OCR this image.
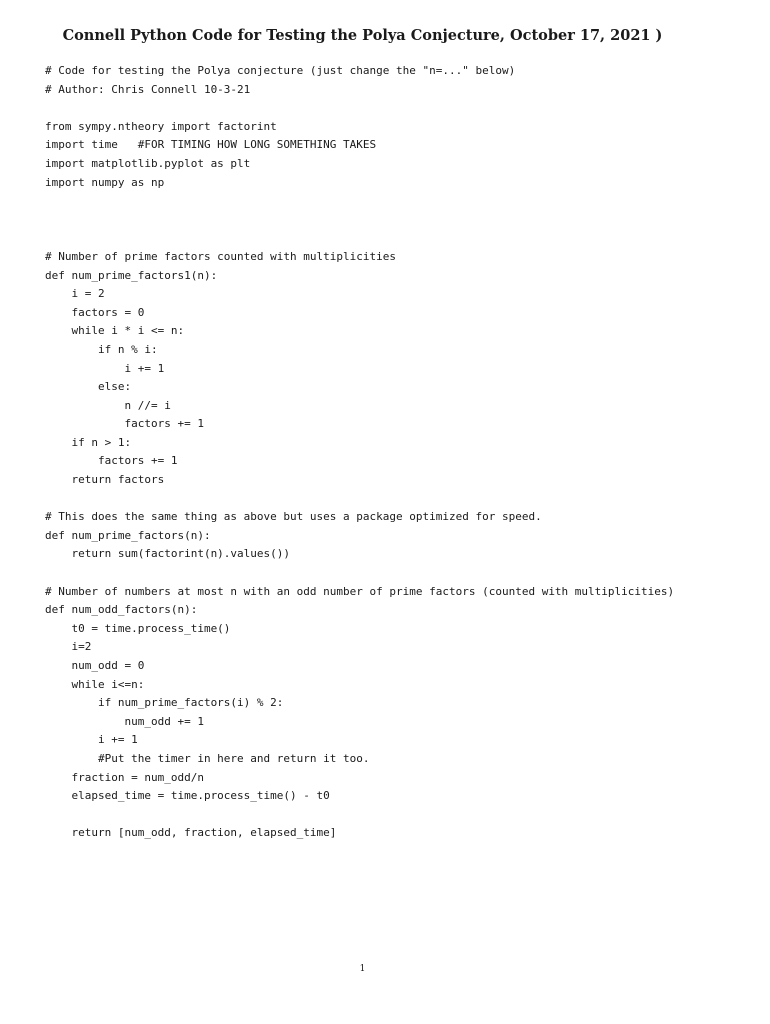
Connell Python Code for Testing the Polya Conjecture, October 17, 2021 )
# Code for testing the Polya conjecture (just change the "n=..." below)
# Author: Chris Connell 10-3-21
from sympy.ntheory import factorint
import time   #FOR TIMING HOW LONG SOMETHING TAKES
import matplotlib.pyplot as plt
import numpy as np
# Number of prime factors counted with multiplicities
def num_prime_factors1(n):
i = 2
factors = 0
while i * i <= n:
if n % i:
i += 1
else:
n //= i
factors += 1
if n > 1:
factors += 1
return factors
# This does the same thing as above but uses a package optimized for speed.
def num_prime_factors(n):
return sum(factorint(n).values())
# Number of numbers at most n with an odd number of prime factors (counted with multiplicities)
def num_odd_factors(n):
t0 = time.process_time()
i=2
num_odd = 0
while i<=n:
if num_prime_factors(i) % 2:
num_odd += 1
i += 1
#Put the timer in here and return it too.
fraction = num_odd/n
elapsed_time = time.process_time() - t0
return [num_odd, fraction, elapsed_time]
1
